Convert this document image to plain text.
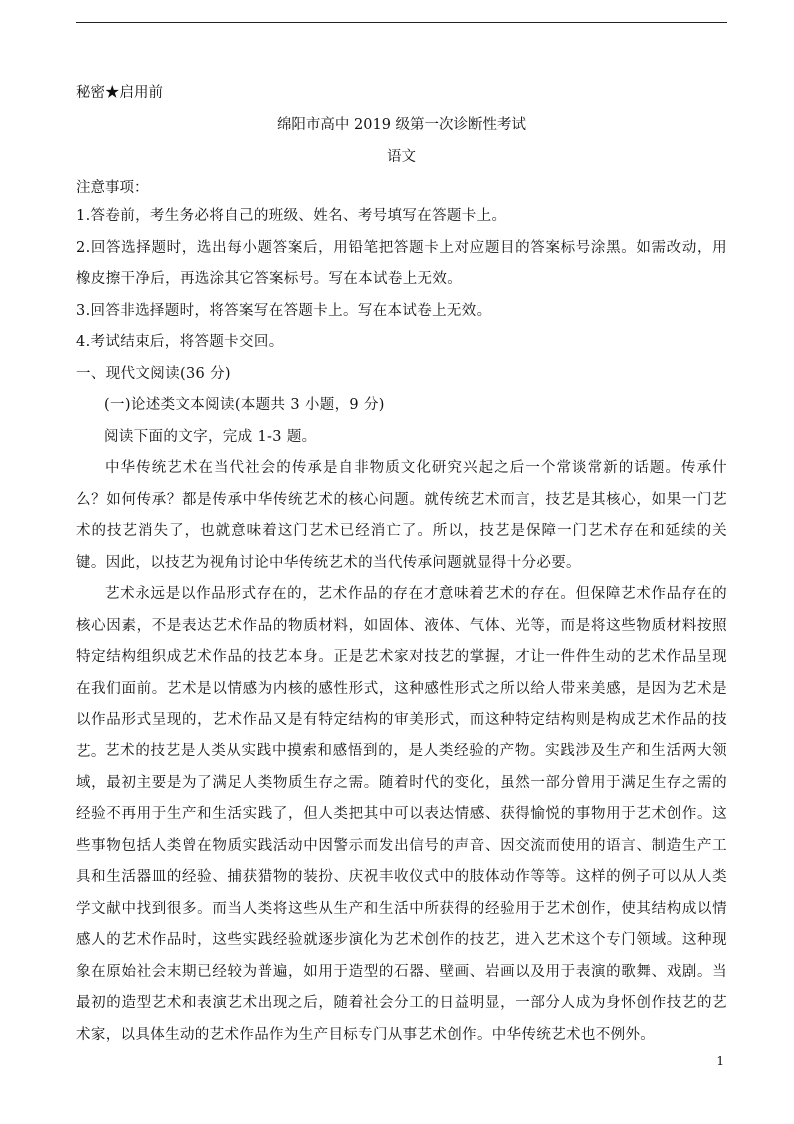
秘密★启用前

绵阳市高中 2019 级第一次诊断性考试

语文

注意事项：

1.答卷前，考生务必将自己的班级、姓名、考号填写在答题卡上。

2.回答选择题时，选出每小题答案后，用铅笔把答题卡上对应题目的答案标号涂黑。如需改动，用橡皮擦干净后，再选涂其它答案标号。写在本试卷上无效。

3.回答非选择题时，将答案写在答题卡上。写在本试卷上无效。

4.考试结束后，将答题卡交回。

一、现代文阅读(36 分)

(一)论述类文本阅读(本题共 3 小题，9 分)

阅读下面的文字，完成 1-3 题。

中华传统艺术在当代社会的传承是自非物质文化研究兴起之后一个常谈常新的话题。传承什么？如何传承？都是传承中华传统艺术的核心问题。就传统艺术而言，技艺是其核心，如果一门艺术的技艺消失了，也就意味着这门艺术已经消亡了。所以，技艺是保障一门艺术存在和延续的关键。因此，以技艺为视角讨论中华传统艺术的当代传承问题就显得十分必要。

艺术永远是以作品形式存在的，艺术作品的存在才意味着艺术的存在。但保障艺术作品存在的核心因素，不是表达艺术作品的物质材料，如固体、液体、气体、光等，而是将这些物质材料按照特定结构组织成艺术作品的技艺本身。正是艺术家对技艺的掌握，才让一件件生动的艺术作品呈现在我们面前。艺术是以情感为内核的感性形式，这种感性形式之所以给人带来美感，是因为艺术是以作品形式呈现的，艺术作品又是有特定结构的审美形式，而这种特定结构则是构成艺术作品的技艺。 艺术的技艺是人类从实践中摸索和感悟到的，是人类经验的产物。实践涉及生产和生活两大领域，最初主要是为了满足人类物质生存之需。随着时代的变化，虽然一部分曾用于满足生存之需的经验不再用于生产和生活实践了，但人类把其中可以表达情感、获得愉悦的事物用于艺术创作。这些事物包括人类曾在物质实践活动中因警示而发出信号的声音、因交流而使用的语言、制造生产工具和生活器皿的经验、捕获猎物的装扮、庆祝丰收仪式中的肢体动作等等。这样的例子可以从人类学文献中找到很多。而当人类将这些从生产和生活中所获得的经验用于艺术创作，使其结构成以情感人的艺术作品时，这些实践经验就逐步演化为艺术创作的技艺，进入艺术这个专门领域。这种现象在原始社会末期已经较为普遍，如用于造型的石器、壁画、岩画以及用于表演的歌舞、戏剧。当最初的造型艺术和表演艺术出现之后，随着社会分工的日益明显，一部分人成为身怀创作技艺的艺术家，以具体生动的艺术作品作为生产目标专门从事艺术创作。中华传统艺术也不例外。

1
